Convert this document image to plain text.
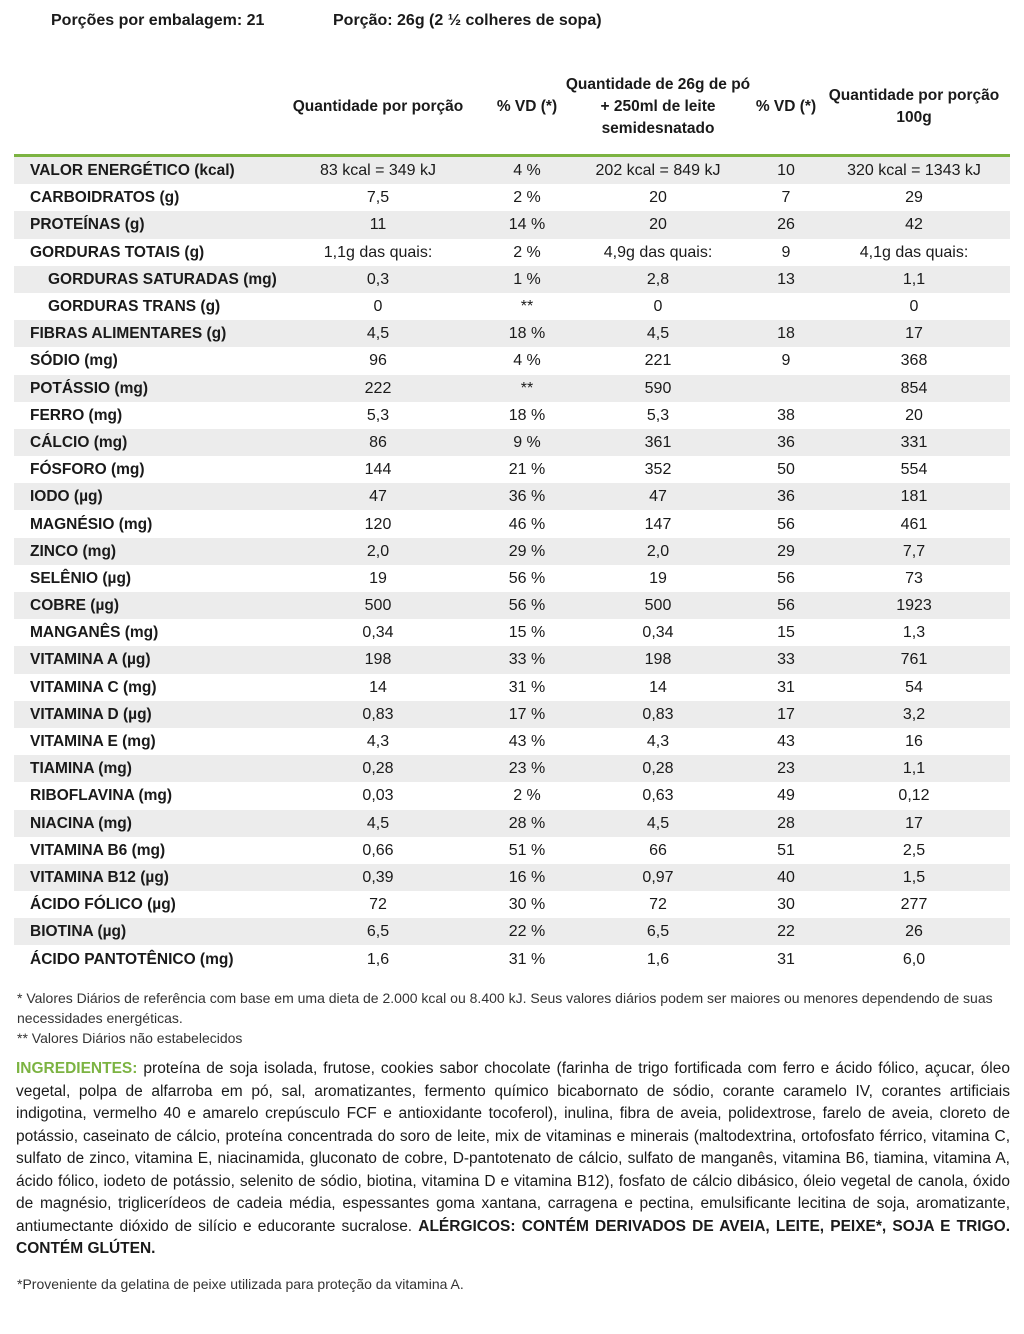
Porções por embalagem: 21	Porção: 26g (2 ½ colheres de sopa)
	Quantidade por porção	% VD (*)	Quantidade de 26g de pó + 250ml de leite semidesnatado	% VD (*)	Quantidade por porção 100g
VALOR ENERGÉTICO (kcal)	83 kcal = 349 kJ	4 %	202 kcal = 849 kJ	10	320 kcal = 1343 kJ
CARBOIDRATOS (g)	7,5	2 %	20	7	29
PROTEÍNAS (g)	11	14 %	20	26	42
GORDURAS TOTAIS (g)	1,1g das quais:	2 %	4,9g das quais:	9	4,1g das quais:
GORDURAS SATURADAS (mg)	0,3	1 %	2,8	13	1,1
GORDURAS TRANS (g)	0	**	0		0
FIBRAS ALIMENTARES (g)	4,5	18 %	4,5	18	17
SÓDIO (mg)	96	4 %	221	9	368
POTÁSSIO (mg)	222	**	590		854
FERRO (mg)	5,3	18 %	5,3	38	20
CÁLCIO (mg)	86	9 %	361	36	331
FÓSFORO (mg)	144	21 %	352	50	554
IODO (µg)	47	36 %	47	36	181
MAGNÉSIO (mg)	120	46 %	147	56	461
ZINCO (mg)	2,0	29 %	2,0	29	7,7
SELÊNIO (µg)	19	56 %	19	56	73
COBRE (µg)	500	56 %	500	56	1923
MANGANÊS (mg)	0,34	15 %	0,34	15	1,3
VITAMINA A (µg)	198	33 %	198	33	761
VITAMINA C (mg)	14	31 %	14	31	54
VITAMINA D (µg)	0,83	17 %	0,83	17	3,2
VITAMINA E (mg)	4,3	43 %	4,3	43	16
TIAMINA (mg)	0,28	23 %	0,28	23	1,1
RIBOFLAVINA (mg)	0,03	2 %	0,63	49	0,12
NIACINA (mg)	4,5	28 %	4,5	28	17
VITAMINA B6 (mg)	0,66	51 %	66	51	2,5
VITAMINA B12 (µg)	0,39	16 %	0,97	40	1,5
ÁCIDO FÓLICO (µg)	72	30 %	72	30	277
BIOTINA (µg)	6,5	22 %	6,5	22	26
ÁCIDO PANTOTÊNICO (mg)	1,6	31 %	1,6	31	6,0
* Valores Diários de referência com base em uma dieta de 2.000 kcal ou 8.400 kJ. Seus valores diários podem ser maiores ou menores dependendo de suas necessidades energéticas.
** Valores Diários não estabelecidos
INGREDIENTES: proteína de soja isolada, frutose, cookies sabor chocolate (farinha de trigo fortificada com ferro e ácido fólico, açucar, óleo vegetal, polpa de alfarroba em pó, sal, aromatizantes, fermento químico bicabornato de sódio, corante caramelo IV, corantes artificiais indigotina, vermelho 40 e amarelo crepúsculo FCF e antioxidante tocoferol), inulina, fibra de aveia, polidextrose, farelo de aveia, cloreto de potássio, caseinato de cálcio, proteína concentrada do soro de leite, mix de vitaminas e minerais (maltodextrina, ortofosfato férrico, vitamina C, sulfato de zinco, vitamina E, niacinamida, gluconato de cobre, D-pantotenato de cálcio, sulfato de manganês, vitamina B6, tiamina, vitamina A, ácido fólico, iodeto de potássio, selenito de sódio, biotina, vitamina D e vitamina B12), fosfato de cálcio dibásico, óleio vegetal de canola, óxido de magnésio, triglicerídeos de cadeia média, espessantes goma xantana, carragena e pectina, emulsificante lecitina de soja, aromatizante, antiumectante dióxido de silício e educorante sucralose. ALÉRGICOS: CONTÉM DERIVADOS DE AVEIA, LEITE, PEIXE*, SOJA E TRIGO. CONTÉM GLÚTEN.
*Proveniente da gelatina de peixe utilizada para proteção da vitamina A.
